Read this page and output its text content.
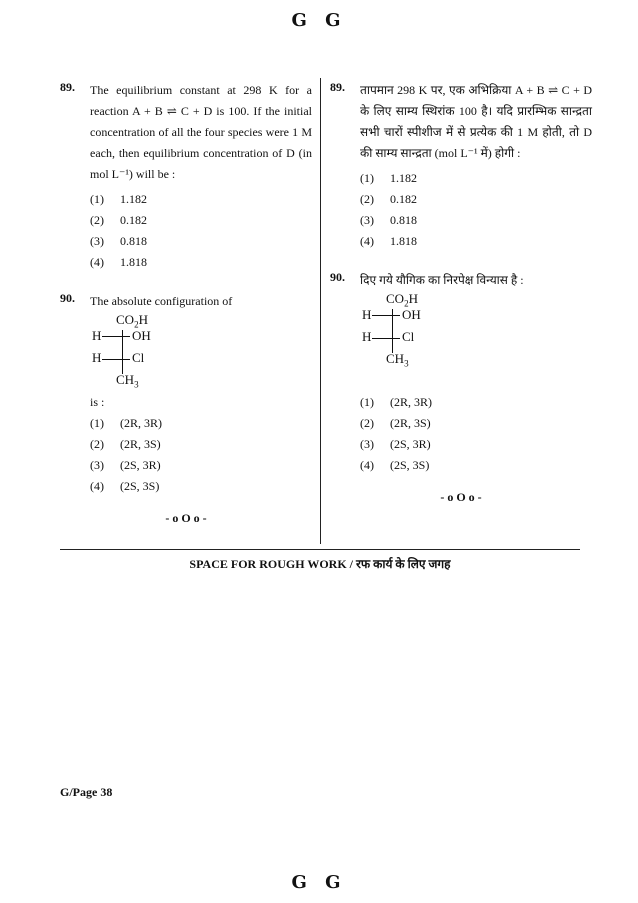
G G
89. The equilibrium constant at 298 K for a reaction A + B ⇌ C + D is 100. If the initial concentration of all the four species were 1 M each, then equilibrium concentration of D (in mol L⁻¹) will be :
(1) 1.182
(2) 0.182
(3) 0.818
(4) 1.818
90. The absolute configuration of
$CO_2H$
H OH
H Cl
$CH_3$
is :
(1) (2R, 3R)
(2) (2R, 3S)
(3) (2S, 3R)
(4) (2S, 3S)
- o O o -
89. तापमान 298 K पर, एक अभिक्रिया A + B ⇌ C + D के लिए साम्य स्थिरांक 100 है। यदि प्रारम्भिक सान्द्रता सभी चारों स्पीशीज में से प्रत्येक की 1 M होती, तो D की साम्य सान्द्रता (mol L⁻¹ में) होगी :
(1) 1.182
(2) 0.182
(3) 0.818
(4) 1.818
90. दिए गये यौगिक का निरपेक्ष विन्यास है :
$CO_2H$
H OH
H Cl
$CH_3$
(1) (2R, 3R)
(2) (2R, 3S)
(3) (2S, 3R)
(4) (2S, 3S)
- o O o -
SPACE FOR ROUGH WORK / रफ कार्य के लिए जगह
G/Page 38
G G
